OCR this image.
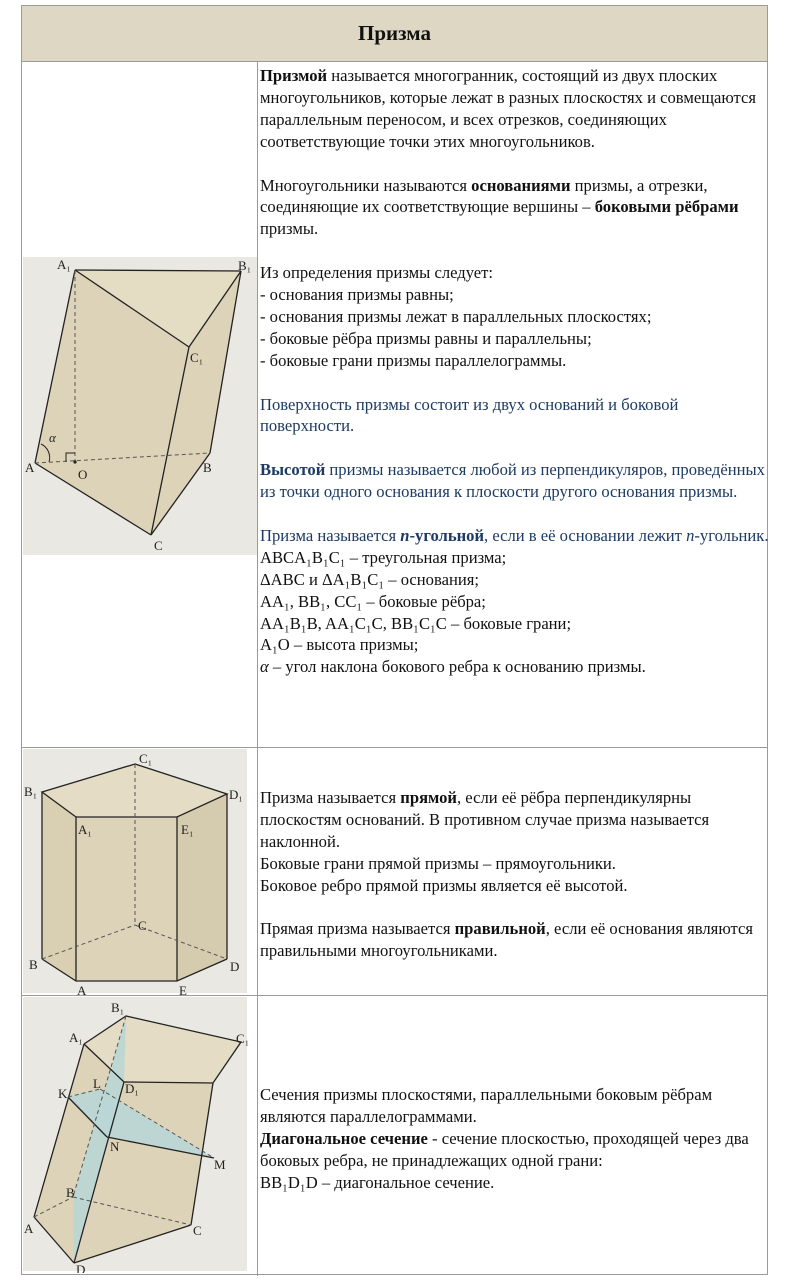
Призма
A₁	B₁
C₁
A	B
C
O
α
C₁
B₁	D₁
A₁	E₁
C
B	D
A	E
B₁
A₁	C₁
D₁
L
K
N
M
B
A	C
D

Призмой называется многогранник, состоящий из двух плоских многоугольников, которые лежат в разных плоскостях и совмещаются параллельным переносом, и всех отрезков, соединяющих соответствующие точки этих многоугольников.

Многоугольники называются основаниями призмы, а отрезки, соединяющие их соответствующие вершины – боковыми рёбрами призмы.

Из определения призмы следует:

- основания призмы равны;

- основания призмы лежат в параллельных плоскостях;

- боковые рёбра призмы равны и параллельны;

- боковые грани призмы параллелограммы.

Поверхность призмы состоит из двух оснований и боковой поверхности.

Высотой призмы называется любой из перпендикуляров, проведённых из точки одного основания к плоскости другого основания призмы.

Призма называется n-угольной, если в её основании лежит n-угольник.

ABCA₁B₁C₁ – треугольная призма;

ΔABC и ΔA₁B₁C₁ – основания;

AA₁, BB₁, CC₁ – боковые рёбра;

AA₁B₁B, AA₁C₁C, BB₁C₁C – боковые грани;

A₁O – высота призмы;

α – угол наклона бокового ребра к основанию призмы.

Призма называется прямой, если её рёбра перпендикулярны плоскостям оснований. В противном случае призма называется наклонной.

Боковые грани прямой призмы – прямоугольники.

Боковое ребро прямой призмы является её высотой.

Прямая призма называется правильной, если её основания являются правильными многоугольниками.

Сечения призмы плоскостями, параллельными боковым рёбрам являются параллелограммами.

Диагональное сечение - сечение плоскостью, проходящей через два боковых ребра, не принадлежащих одной грани:

BB₁D₁D – диагональное сечение.
